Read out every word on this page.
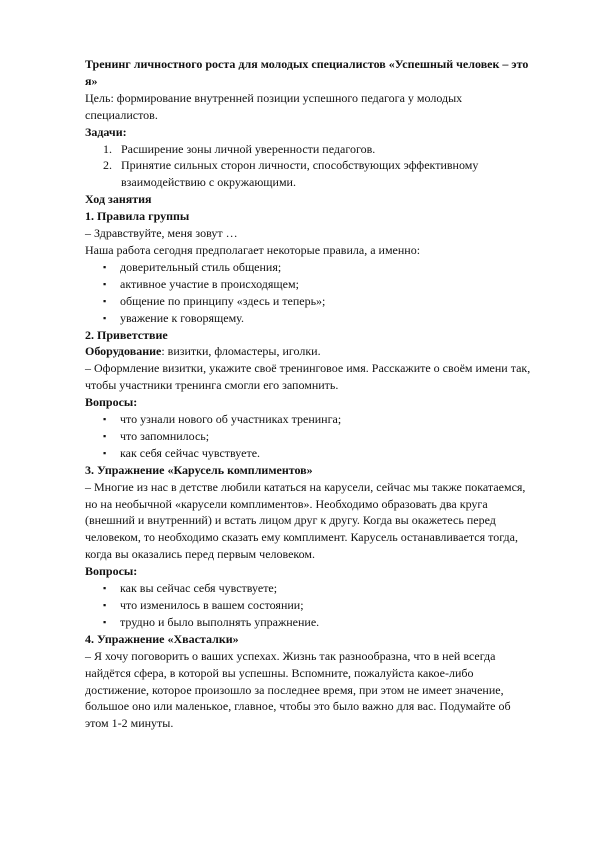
Тренинг личностного роста для молодых специалистов «Успешный человек – это я»

Цель: формирование внутренней позиции успешного педагога у молодых специалистов.

Задачи:

1. Расширение зоны личной уверенности педагогов.
2. Принятие сильных сторон личности, способствующих эффективному взаимодействию с окружающими.

Ход занятия

1. Правила группы

– Здравствуйте, меня зовут …

Наша работа сегодня предполагает некоторые правила, а именно:

▪ доверительный стиль общения;
▪ активное участие в происходящем;
▪ общение по принципу «здесь и теперь»;
▪ уважение к говорящему.

2. Приветствие

Оборудование: визитки, фломастеры, иголки.

– Оформление визитки, укажите своё тренинговое имя. Расскажите о своём имени так, чтобы участники тренинга смогли его запомнить.

Вопросы:

▪ что узнали нового об участниках тренинга;
▪ что запомнилось;
▪ как себя сейчас чувствуете.

3. Упражнение «Карусель комплиментов»

– Многие из нас в детстве любили кататься на карусели, сейчас мы также покатаемся, но на необычной «карусели комплиментов». Необходимо образовать два круга (внешний и внутренний) и встать лицом друг к другу. Когда вы окажетесь перед человеком, то необходимо сказать ему комплимент. Карусель останавливается тогда, когда вы оказались перед первым человеком.

Вопросы:

▪ как вы сейчас себя чувствуете;
▪ что изменилось в вашем состоянии;
▪ трудно и было выполнять упражнение.

4. Упражнение «Хвасталки»

– Я хочу поговорить о ваших успехах. Жизнь так разнообразна, что в ней всегда найдётся сфера, в которой вы успешны. Вспомните, пожалуйста какое-либо достижение, которое произошло за последнее время, при этом не имеет значение, большое оно или маленькое, главное, чтобы это было важно для вас. Подумайте об этом 1-2 минуты.
